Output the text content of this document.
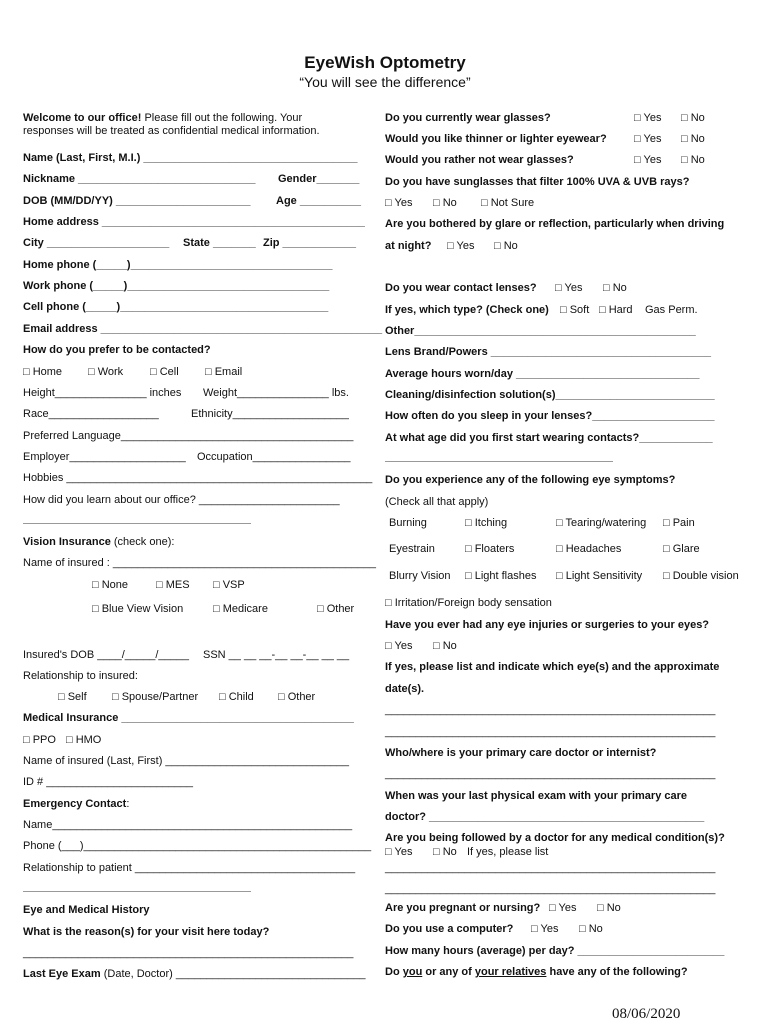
EyeWish Optometry
“You will see the difference”
Welcome to our office! Please fill out the following. Your
responses will be treated as confidential medical information.
Name (Last, First, M.I.) ___________________________________
Nickname _____________________________ Gender_______
DOB (MM/DD/YY) ______________________ Age __________
Home address ___________________________________________
City ____________________ State _______ Zip ____________
Home phone (_____)_________________________________
Work phone (_____)_________________________________
Cell phone (_____)__________________________________
Email address ______________________________________________
How do you prefer to be contacted?
□ Home □ Work □ Cell □ Email
Height_______________ inches Weight_______________ lbs.
Race__________________	Ethnicity___________________
Preferred Language______________________________________
Employer___________________ Occupation________________
Hobbies __________________________________________________
How did you learn about our office? _______________________
Vision Insurance (check one):
Name of insured : ___________________________________________
□ None	□ MES □ VSP
□ Blue View Vision	□ Medicare	□ Other
Insured's DOB ____/_____/_____ SSN __ __ __-__ __-__ __ __
Relationship to insured:
□ Self □ Spouse/Partner □ Child □ Other
Medical Insurance ______________________________________
□ PPO □ HMO
Name of insured (Last, First) ______________________________
ID # ________________________
Emergency Contact:
Name_________________________________________________
Phone (___)_______________________________________________
Relationship to patient ____________________________________
Eye and Medical History
What is the reason(s) for your visit here today?
______________________________________________________
Last Eye Exam (Date, Doctor) _______________________________
Do you currently wear glasses?	□ Yes □ No
Would you like thinner or lighter eyewear? □ Yes □ No
Would you rather not wear glasses?	□ Yes □ No
Do you have sunglasses that filter 100% UVA & UVB rays?
□ Yes □ No □ Not Sure
Are you bothered by glare or reflection, particularly when driving
at night? □ Yes □ No
Do you wear contact lenses? □ Yes □ No
If yes, which type? (Check one) □ Soft □ Hard Gas Perm.
Other______________________________________________
Lens Brand/Powers ____________________________________
Average hours worn/day ______________________________
Cleaning/disinfection solution(s)__________________________
How often do you sleep in your lenses?____________________
At what age did you first start wearing contacts?____________
Do you experience any of the following eye symptoms?
(Check all that apply)
Burning	□ Itching	□ Tearing/watering □ Pain
Eyestrain	□ Floaters	□ Headaches	□ Glare
Blurry Vision □ Light flashes □ Light Sensitivity □ Double vision
□ Irritation/Foreign body sensation
Have you ever had any eye injuries or surgeries to your eyes?
□ Yes □ No
If yes, please list and indicate which eye(s) and the approximate
date(s).
______________________________________________________
______________________________________________________
Who/where is your primary care doctor or internist?
______________________________________________________
When was your last physical exam with your primary care
doctor? _____________________________________________
Are you being followed by a doctor for any medical condition(s)?
□ Yes □ No If yes, please list
______________________________________________________
______________________________________________________
Are you pregnant or nursing? □ Yes □ No
Do you use a computer? □ Yes □ No
How many hours (average) per day? ________________________
Do you or any of your relatives have any of the following?
08/06/2020
